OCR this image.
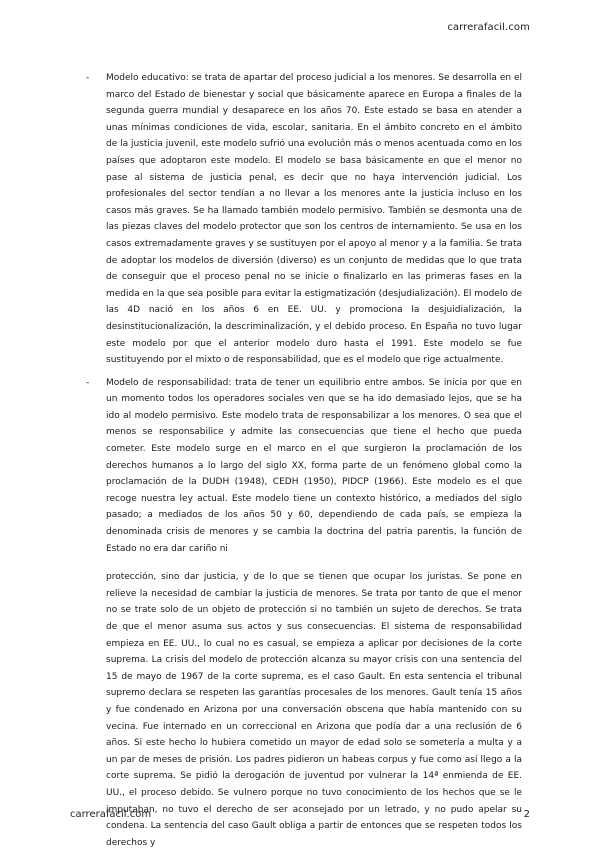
carrerafacil.com
- Modelo educativo: se trata de apartar del proceso judicial a los menores. Se desarrolla en el marco del Estado de bienestar y social que básicamente aparece en Europa a finales de la segunda guerra mundial y desaparece en los años 70. Este estado se basa en atender a unas mínimas condiciones de vida, escolar, sanitaria. En el ámbito concreto en el ámbito de la justicia juvenil, este modelo sufrió una evolución más o menos acentuada como en los países que adoptaron este modelo. El modelo se basa básicamente en que el menor no pase al sistema de justicia penal, es decir que no haya intervención judicial. Los profesionales del sector tendían a no llevar a los menores ante la justicia incluso en los casos más graves. Se ha llamado también modelo permisivo. También se desmonta una de las piezas claves del modelo protector que son los centros de internamiento. Se usa en los casos extremadamente graves y se sustituyen por el apoyo al menor y a la familia. Se trata de adoptar los modelos de diversión (diverso) es un conjunto de medidas que lo que trata de conseguir que el proceso penal no se inicie o finalizarlo en las primeras fases en la medida en la que sea posible para evitar la estigmatización (desjudialización). El modelo de las 4D nació en los años 6 en EE. UU. y promociona la desjuidialización, la desinstitucionalización, la descriminalización, y el debido proceso. En España no tuvo lugar este modelo por que el anterior modelo duro hasta el 1991. Este modelo se fue sustituyendo por el mixto o de responsabilidad, que es el modelo que rige actualmente.
- Modelo de responsabilidad: trata de tener un equilibrio entre ambos. Se inicia por que en un momento todos los operadores sociales ven que se ha ido demasiado lejos, que se ha ido al modelo permisivo. Este modelo trata de responsabilizar a los menores. O sea que el menos se responsabilice y admite las consecuencias que tiene el hecho que pueda cometer. Este modelo surge en el marco en el que surgieron la proclamación de los derechos humanos a lo largo del siglo XX, forma parte de un fenómeno global como la proclamación de la DUDH (1948), CEDH (1950), PIDCP (1966). Este modelo es el que recoge nuestra ley actual. Este modelo tiene un contexto histórico, a mediados del siglo pasado; a mediados de los años 50 y 60, dependiendo de cada país, se empieza la denominada crisis de menores y se cambia la doctrina del patria parentis, la función de Estado no era dar cariño ni
protección, sino dar justicia, y de lo que se tienen que ocupar los juristas. Se pone en relieve la necesidad de cambiar la justicia de menores. Se trata por tanto de que el menor no se trate solo de un objeto de protección si no también un sujeto de derechos. Se trata de que el menor asuma sus actos y sus consecuencias. El sistema de responsabilidad empieza en EE. UU., lo cual no es casual, se empieza a aplicar por decisiones de la corte suprema. La crisis del modelo de protección alcanza su mayor crisis con una sentencia del 15 de mayo de 1967 de la corte suprema, es el caso Gault. En esta sentencia el tribunal supremo declara se respeten las garantías procesales de los menores. Gault tenía 15 años y fue condenado en Arizona por una conversación obscena que había mantenido con su vecina. Fue internado en un correccional en Arizona que podía dar a una reclusión de 6 años. Si este hecho lo hubiera cometido un mayor de edad solo se sometería a multa y a un par de meses de prisión. Los padres pidieron un habeas corpus y fue como así llego a la corte suprema. Se pidió la derogación de juventud por vulnerar la 14ª enmienda de EE. UU., el proceso debido. Se vulnero porque no tuvo conocimiento de los hechos que se le imputaban, no tuvo el derecho de ser aconsejado por un letrado, y no pudo apelar su condena. La sentencia del caso Gault obliga a partir de entonces que se respeten todos los derechos y
carrerafacil.com	2
